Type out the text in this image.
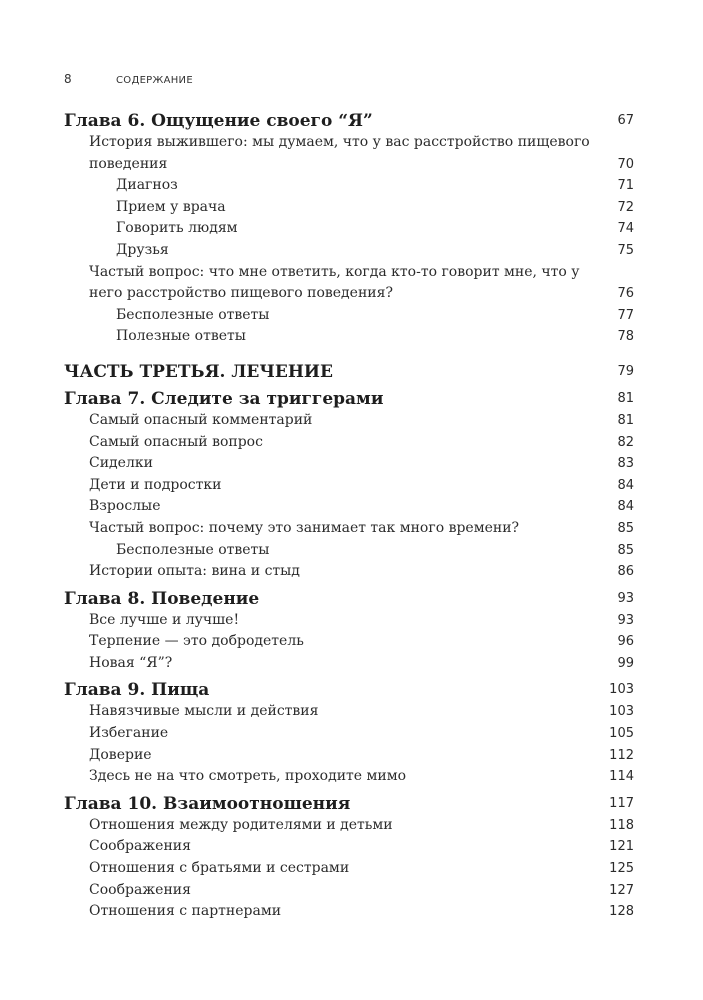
8	СОДЕРЖАНИЕ
Глава 6. Ощущение своего “Я”	67
История выжившего: мы думаем, что у вас расстройство пищевого поведения	70
Диагноз	71
Прием у врача	72
Говорить людям	74
Друзья	75
Частый вопрос: что мне ответить, когда кто-то говорит мне, что у него расстройство пищевого поведения?	76
Бесполезные ответы	77
Полезные ответы	78
ЧАСТЬ ТРЕТЬЯ. ЛЕЧЕНИЕ	79
Глава 7. Следите за триггерами	81
Самый опасный комментарий	81
Самый опасный вопрос	82
Сиделки	83
Дети и подростки	84
Взрослые	84
Частый вопрос: почему это занимает так много времени?	85
Бесполезные ответы	85
Истории опыта: вина и стыд	86
Глава 8. Поведение	93
Все лучше и лучше!	93
Терпение — это добродетель	96
Новая “Я”?	99
Глава 9. Пища	103
Навязчивые мысли и действия	103
Избегание	105
Доверие	112
Здесь не на что смотреть, проходите мимо	114
Глава 10. Взаимоотношения	117
Отношения между родителями и детьми	118
Соображения	121
Отношения с братьями и сестрами	125
Соображения	127
Отношения с партнерами	128
